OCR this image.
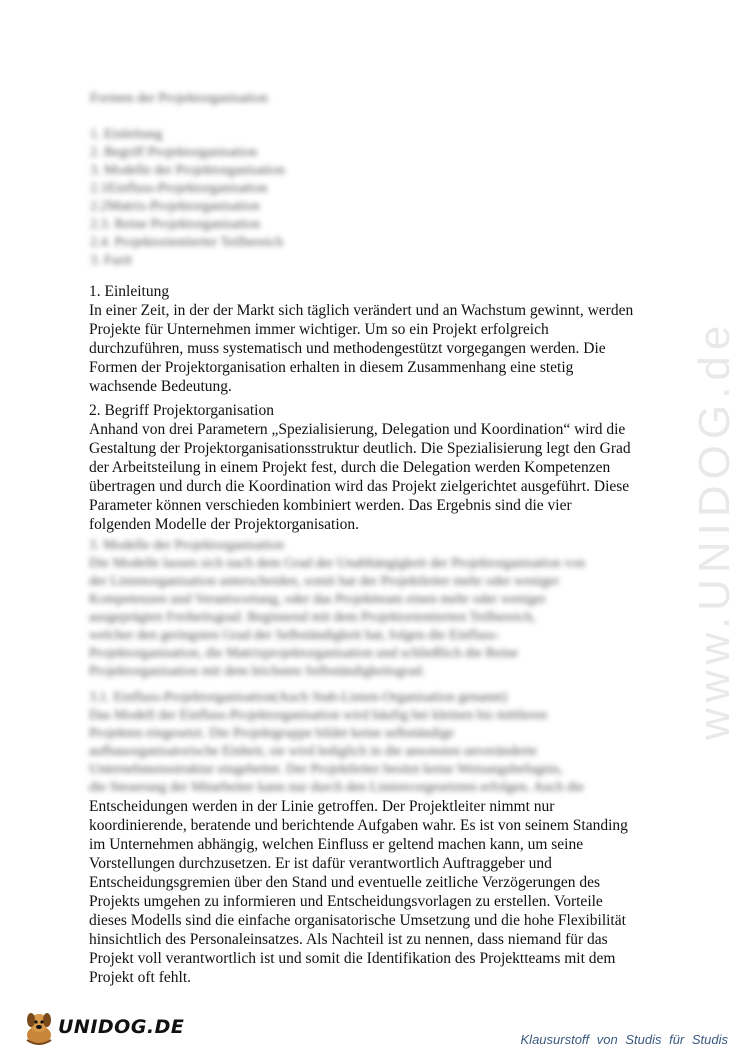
www.UNIDOG.de
Formen der Projektorganisation
1. Einleitung
2. Begriff Projektorganisation
3. Modelle der Projektorganisation
2.1Einfluss-Projektorganisation
2.2Matrix-Projektorganisation
2.3. Reine Projektorganisation
2.4. Projektorientierter Teilbereich
3. Fazit
1. Einleitung
In einer Zeit, in der der Markt sich täglich verändert und an Wachstum gewinnt, werden
Projekte für Unternehmen immer wichtiger. Um so ein Projekt erfolgreich
durchzuführen, muss systematisch und methodengestützt vorgegangen werden. Die
Formen der Projektorganisation erhalten in diesem Zusammenhang eine stetig
wachsende Bedeutung.
2. Begriff Projektorganisation
Anhand von drei Parametern „Spezialisierung, Delegation und Koordination“ wird die
Gestaltung der Projektorganisationsstruktur deutlich. Die Spezialisierung legt den Grad
der Arbeitsteilung in einem Projekt fest, durch die Delegation werden Kompetenzen
übertragen und durch die Koordination wird das Projekt zielgerichtet ausgeführt. Diese
Parameter können verschieden kombiniert werden. Das Ergebnis sind die vier
folgenden Modelle der Projektorganisation.
3. Modelle der Projektorganisation
Die Modelle lassen sich nach dem Grad der Unabhängigkeit der Projektorganisation von
der Linienorganisation unterscheiden, somit hat der Projektleiter mehr oder weniger
Kompetenzen und Verantwortung, oder das Projektteam einen mehr oder weniger
ausgeprägten Freiheitsgrad. Beginnend mit dem Projektorientierten Teilbereich,
welcher den geringsten Grad der Selbständigkeit hat, folgen die Einfluss-
Projektorganisation, die Matrixprojektorganisation und schließlich die Reine
Projektorganisation mit dem höchsten Selbständigkeitsgrad.
3.1. Einfluss-Projektorganisation(Auch Stab-Linien-Organisation genannt)
Das Modell der Einfluss-Projektorganisation wird häufig bei kleinen bis mittleren
Projekten eingesetzt. Die Projektgruppe bildet keine selbständige
aufbauorganisatorische Einheit, sie wird lediglich in die ansonsten unveränderte
Unternehmensstruktur eingebettet. Der Projektleiter besitzt keine Weisungsbefugnis,
die Steuerung der Mitarbeiter kann nur durch den Linienvorgesetzten erfolgen. Auch die
Entscheidungen werden in der Linie getroffen. Der Projektleiter nimmt nur
koordinierende, beratende und berichtende Aufgaben wahr. Es ist von seinem Standing
im Unternehmen abhängig, welchen Einfluss er geltend machen kann, um seine
Vorstellungen durchzusetzen. Er ist dafür verantwortlich Auftraggeber und
Entscheidungsgremien über den Stand und eventuelle zeitliche Verzögerungen des
Projekts umgehen zu informieren und Entscheidungsvorlagen zu erstellen. Vorteile
dieses Modells sind die einfache organisatorische Umsetzung und die hohe Flexibilität
hinsichtlich des Personaleinsatzes. Als Nachteil ist zu nennen, dass niemand für das
Projekt voll verantwortlich ist und somit die Identifikation des Projektteams mit dem
Projekt oft fehlt.
UNIDOG.DE
Klausurstoff von Studis für Studis
